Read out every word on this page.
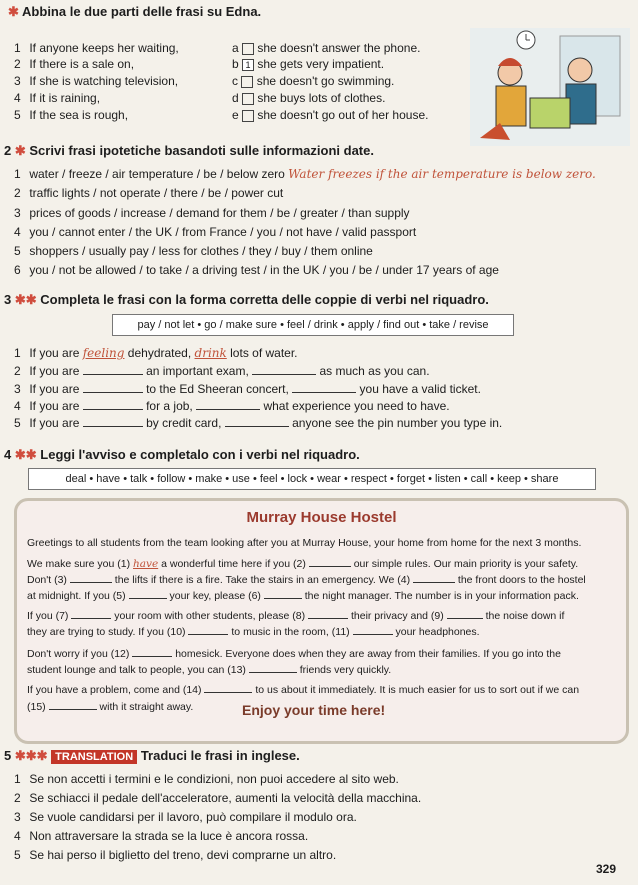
✱ Abbina le due parti delle frasi su Edna.
1 If anyone keeps her waiting,
2 If there is a sale on,
3 If she is watching television,
4 If it is raining,
5 If the sea is rough,
a she doesn't answer the phone.
b 1 she gets very impatient.
c she doesn't go swimming.
d she buys lots of clothes.
e she doesn't go out of her house.
2 ✱ Scrivi frasi ipotetiche basandoti sulle informazioni date.
1 water / freeze / air temperature / be / below zero Water freezes if the air temperature is below zero.
2 traffic lights / not operate / there / be / power cut
3 prices of goods / increase / demand for them / be / greater / than supply
4 you / cannot enter / the UK / from France / you / not have / valid passport
5 shoppers / usually pay / less for clothes / they / buy / them online
6 you / not be allowed / to take / a driving test / in the UK / you / be / under 17 years of age
3 ✱✱ Completa le frasi con la forma corretta delle coppie di verbi nel riquadro.
pay / not let • go / make sure • feel / drink • apply / find out • take / revise
1 If you are feeling dehydrated, drink lots of water.
2 If you are	an important exam,	as much as you can.
3 If you are	to the Ed Sheeran concert,	you have a valid ticket.
4 If you are	for a job,	what experience you need to have.
5 If you are	by credit card,	anyone see the pin number you type in.
4 ✱✱ Leggi l'avviso e completalo con i verbi nel riquadro.
deal • have • talk • follow • make • use • feel • lock • wear • respect • forget • listen • call • keep • share
Murray House Hostel
Greetings to all students from the team looking after you at Murray House, your home from home for the next 3 months.
We make sure you (1) have a wonderful time here if you (2)	our simple rules. Our main priority is your safety.
Don't (3)	the lifts if there is a fire. Take the stairs in an emergency. We (4)	the front doors to the hostel
at midnight. If you (5)	your key, please (6)	the night manager. The number is in your information pack.
If you (7)	your room with other students, please (8)	their privacy and (9)	the noise down if
they are trying to study. If you (10)	to music in the room, (11)	your headphones.
Don't worry if you (12)	homesick. Everyone does when they are away from their families. If you go into the
student lounge and talk to people, you can (13)	friends very quickly.
If you have a problem, come and (14)	to us about it immediately. It is much easier for us to sort out if we can
(15)	with it straight away.	Enjoy your time here!
5 ✱✱✱ TRANSLATION Traduci le frasi in inglese.
1 Se non accetti i termini e le condizioni, non puoi accedere al sito web.
2 Se schiacci il pedale dell'acceleratore, aumenti la velocità della macchina.
3 Se vuole candidarsi per il lavoro, può compilare il modulo ora.
4 Non attraversare la strada se la luce è ancora rossa.
5 Se hai perso il biglietto del treno, devi comprarne un altro.
329
